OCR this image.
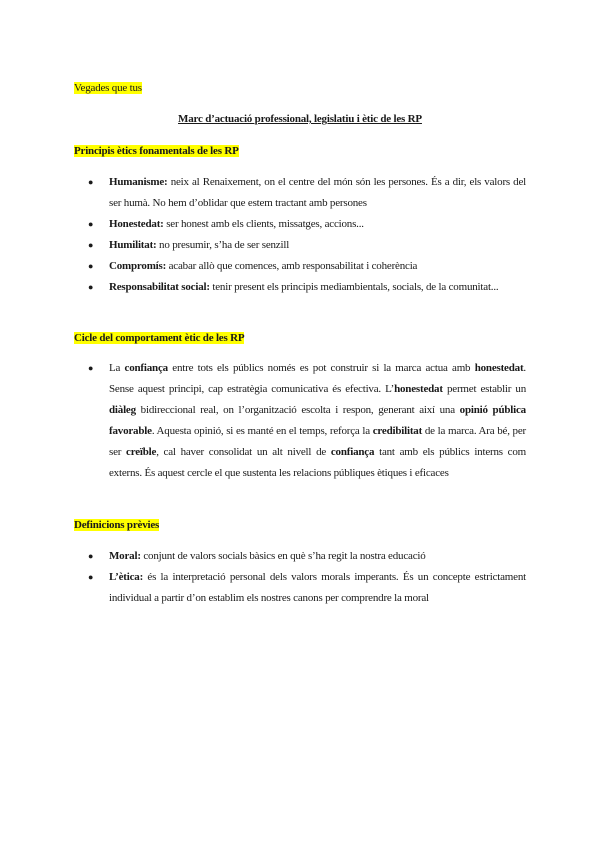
Vegades que tus
Marc d’actuació professional, legislatiu i ètic de les RP
Principis ètics fonamentals de les RP
● Humanisme: neix al Renaixement, on el centre del món són les persones. És a dir, els valors del ser humà. No hem d’oblidar que estem tractant amb persones
● Honestedat: ser honest amb els clients, missatges, accions...
● Humilitat: no presumir, s’ha de ser senzill
● Compromís: acabar allò que comences, amb responsabilitat i coherència
● Responsabilitat social: tenir present els principis mediambientals, socials, de la comunitat...
Cicle del comportament ètic de les RP
● La confiança entre tots els públics només es pot construir si la marca actua amb honestedat. Sense aquest principi, cap estratègia comunicativa és efectiva. L’honestedat permet establir un diàleg bidireccional real, on l’organització escolta i respon, generant així una opinió pública favorable. Aquesta opinió, si es manté en el temps, reforça la credibilitat de la marca. Ara bé, per ser creïble, cal haver consolidat un alt nivell de confiança tant amb els públics interns com externs. És aquest cercle el que sustenta les relacions públiques ètiques i eficaces
Definicions prèvies
● Moral: conjunt de valors socials bàsics en què s’ha regit la nostra educació
● L’ètica: és la interpretació personal dels valors morals imperants. És un concepte estrictament individual a partir d’on establim els nostres canons per comprendre la moral
